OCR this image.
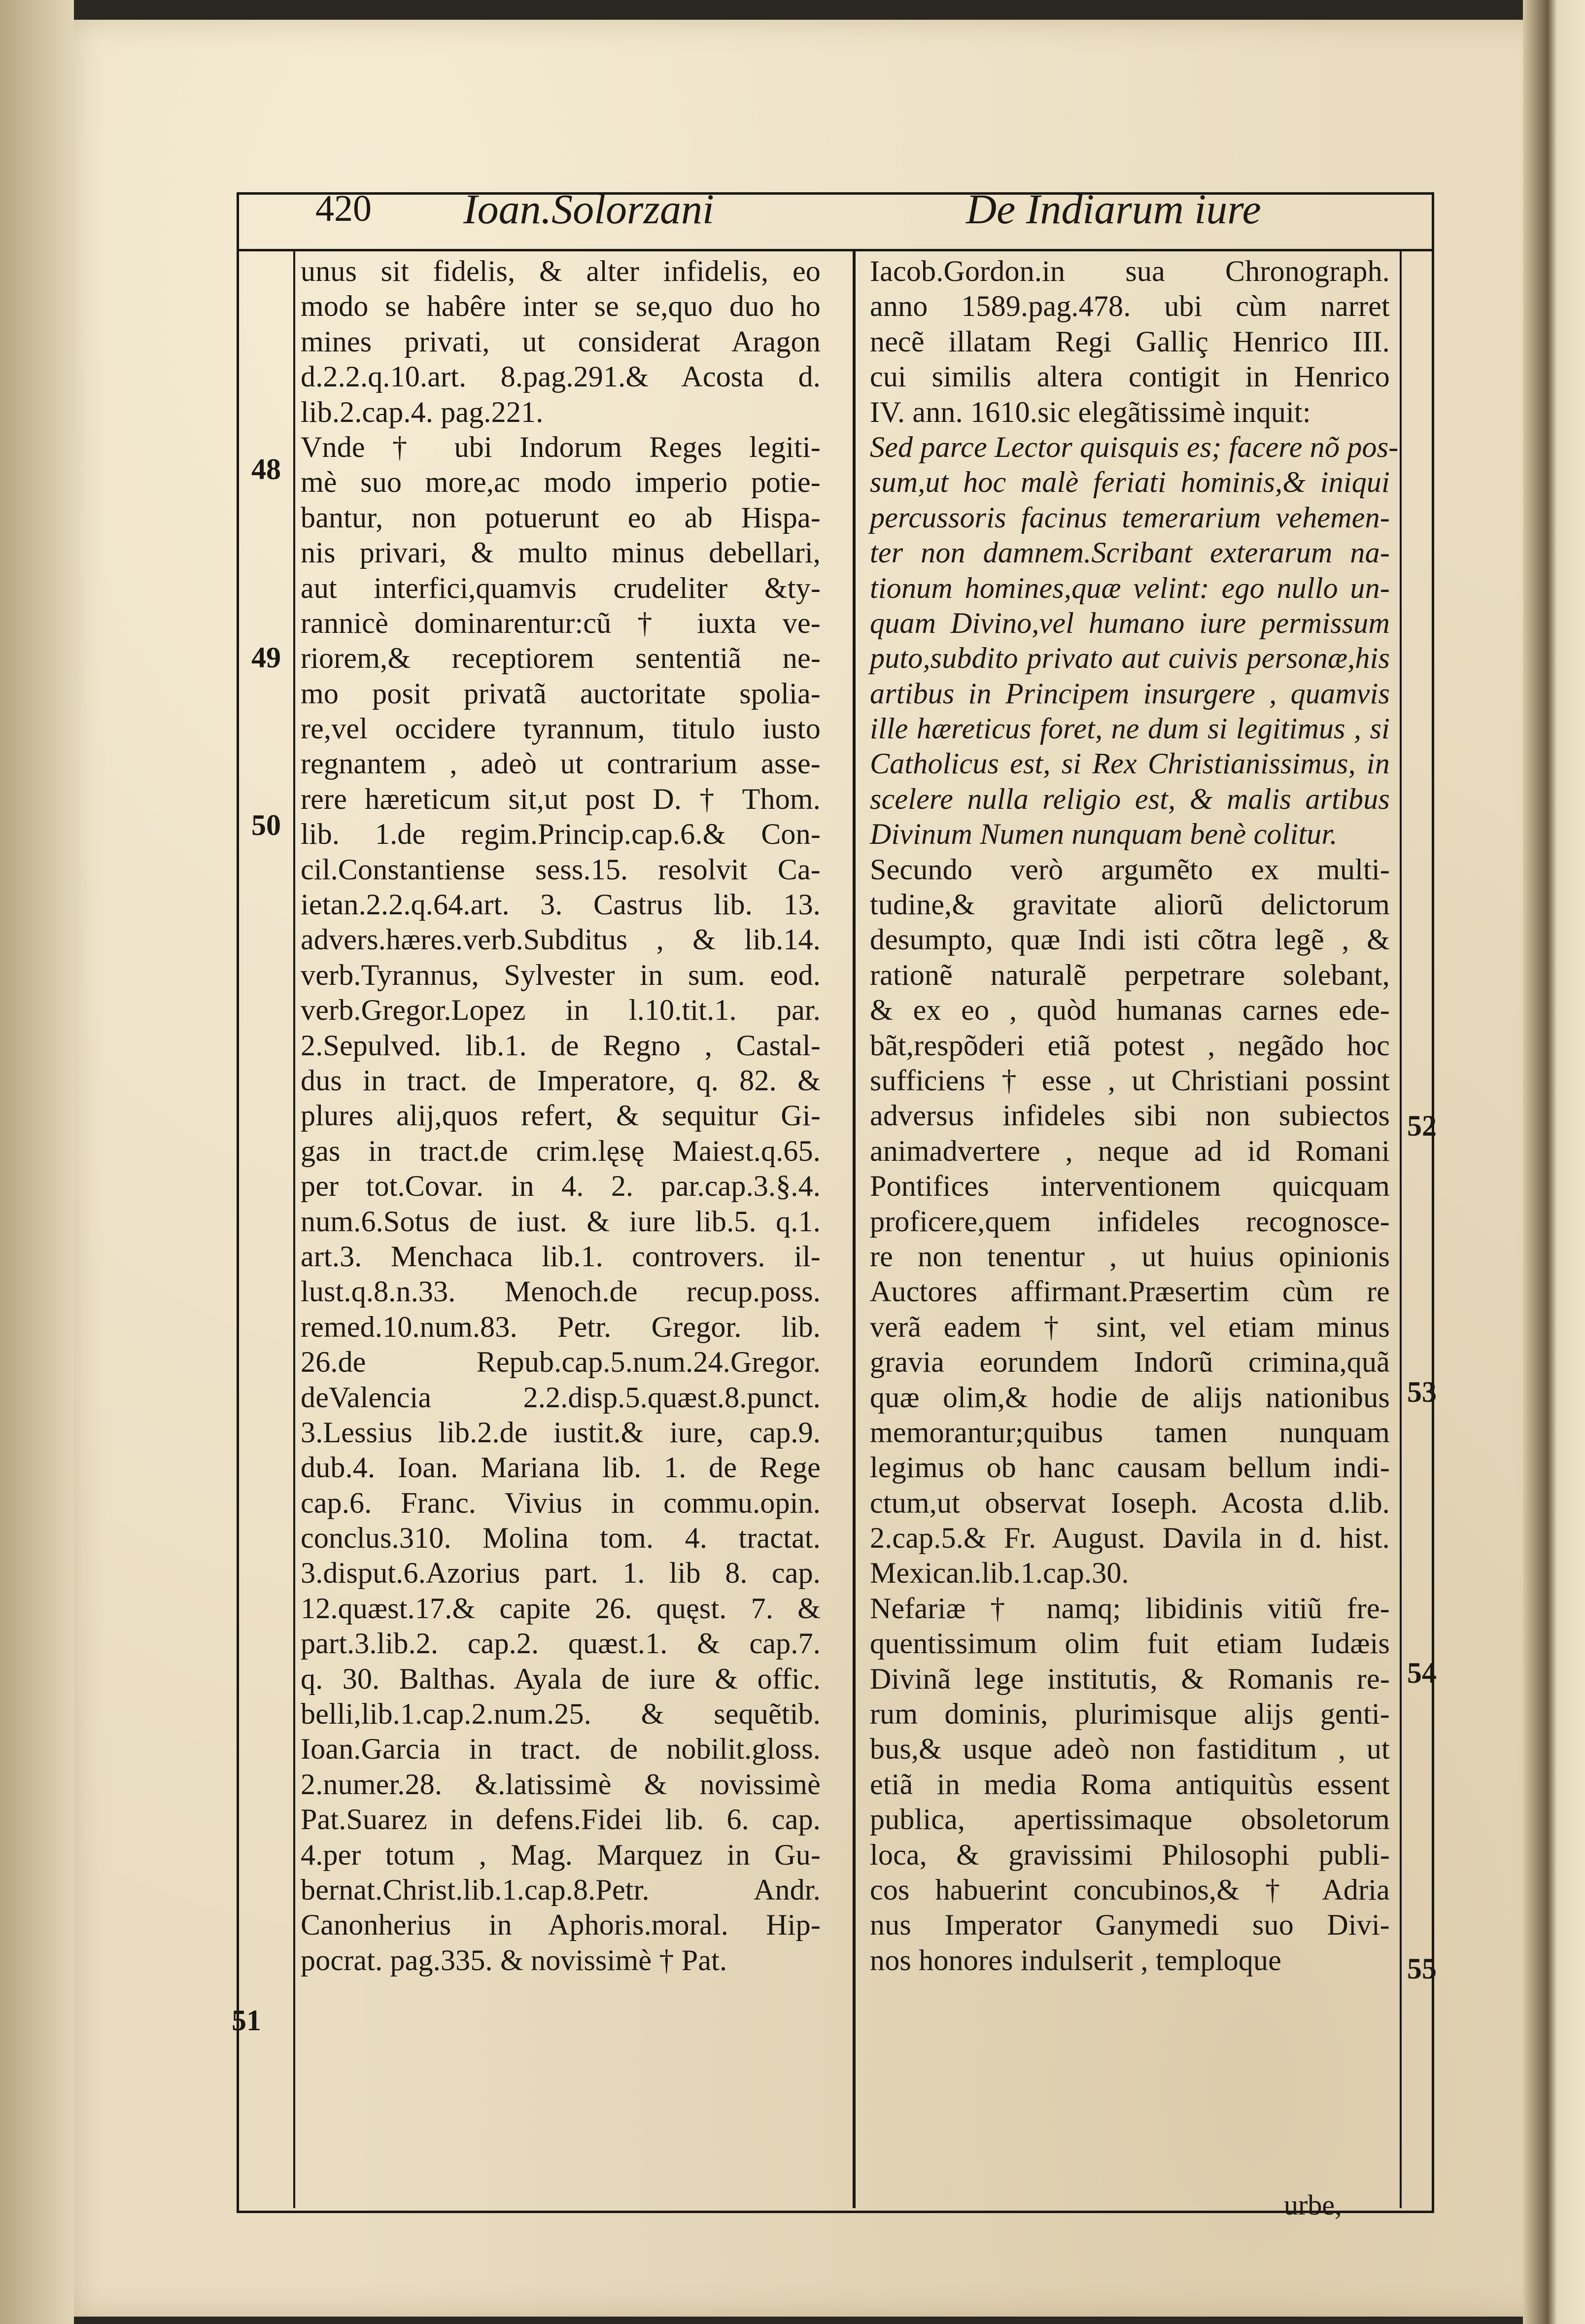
420 Ioan.Solorzani	De Indiarum iure
unus sit fidelis, & alter infidelis, eo
modo se habêre inter se se,quo duo ho
mines privati, ut considerat Aragon
d.2.2.q.10.art. 8.pag.291.& Acosta d.
lib.2.cap.4. pag.221.
Vnde † ubi Indorum Reges legiti-
mè suo more,ac modo imperio potie-
bantur, non potuerunt eo ab Hispa-
nis privari, & multo minus debellari,
aut interfici,quamvis crudeliter &ty-
rannicè dominarentur:cũ † iuxta ve-
riorem,& receptiorem sententiã ne-
mo posit privatã auctoritate spolia-
re,vel occidere tyrannum, titulo iusto
regnantem , adeò ut contrarium asse-
rere hæreticum sit,ut post D. † Thom.
lib. 1.de regim.Princip.cap.6.& Con-
cil.Constantiense sess.15. resolvit Ca-
ietan.2.2.q.64.art. 3. Castrus lib. 13.
advers.hæres.verb.Subditus , & lib.14.
verb.Tyrannus, Sylvester in sum. eod.
verb.Gregor.Lopez in l.10.tit.1. par.
2.Sepulved. lib.1. de Regno , Castal-
dus in tract. de Imperatore, q. 82. &
plures alij,quos refert, & sequitur Gi-
gas in tract.de crim.lęsę Maiest.q.65.
per tot.Covar. in 4. 2. par.cap.3.§.4.
num.6.Sotus de iust. & iure lib.5. q.1.
art.3. Menchaca lib.1. controvers. il-
lust.q.8.n.33. Menoch.de recup.poss.
remed.10.num.83. Petr. Gregor. lib.
26.de Repub.cap.5.num.24.Gregor.
deValencia 2.2.disp.5.quæst.8.punct.
3.Lessius lib.2.de iustit.& iure, cap.9.
dub.4. Ioan. Mariana lib. 1. de Rege
cap.6. Franc. Vivius in commu.opin.
conclus.310. Molina tom. 4. tractat.
3.disput.6.Azorius part. 1. lib 8. cap.
12.quæst.17.& capite 26. quęst. 7. &
part.3.lib.2. cap.2. quæst.1. & cap.7.
q. 30. Balthas. Ayala de iure & offic.
belli,lib.1.cap.2.num.25. & sequẽtib.
Ioan.Garcia in tract. de nobilit.gloss.
2.numer.28. &.latissimè & novissimè
Pat.Suarez in defens.Fidei lib. 6. cap.
4.per totum , Mag. Marquez in Gu-
bernat.Christ.lib.1.cap.8.Petr. Andr.
Canonherius in Aphoris.moral. Hip-
pocrat. pag.335. & novissimè † Pat.
Iacob.Gordon.in sua Chronograph.
anno 1589.pag.478. ubi cùm narret
necẽ illatam Regi Galliç Henrico III.
cui similis altera contigit in Henrico
IV. ann. 1610.sic elegãtissimè inquit:
Sed parce Lector quisquis es; facere nõ pos-
sum,ut hoc malè feriati hominis,& iniqui
percussoris facinus temerarium vehemen-
ter non damnem.Scribant exterarum na-
tionum homines,quæ velint: ego nullo un-
quam Divino,vel humano iure permissum
puto,subdito privato aut cuivis personæ,his
artibus in Principem insurgere , quamvis
ille hæreticus foret, ne dum si legitimus , si
Catholicus est, si Rex Christianissimus, in
scelere nulla religio est, & malis artibus
Divinum Numen nunquam benè colitur.
Secundo verò argumẽto ex multi-
tudine,& gravitate aliorũ delictorum
desumpto, quæ Indi isti cõtra legẽ , &
rationẽ naturalẽ perpetrare solebant,
& ex eo , quòd humanas carnes ede-
bãt,respõderi etiã potest , negãdo hoc
sufficiens † esse , ut Christiani possint
adversus infideles sibi non subiectos
animadvertere , neque ad id Romani
Pontifices interventionem quicquam
proficere,quem infideles recognosce-
re non tenentur , ut huius opinionis
Auctores affirmant.Præsertim cùm re
verã eadem † sint, vel etiam minus
gravia eorundem Indorũ crimina,quã
quæ olim,& hodie de alijs nationibus
memorantur;quibus tamen nunquam
legimus ob hanc causam bellum indi-
ctum,ut observat Ioseph. Acosta d.lib.
2.cap.5.& Fr. August. Davila in d. hist.
Mexican.lib.1.cap.30.
Nefariæ † namq; libidinis vitiũ fre-
quentissimum olim fuit etiam Iudæis
Divinã lege institutis, & Romanis re-
rum dominis, plurimisque alijs genti-
bus,& usque adeò non fastiditum , ut
etiã in media Roma antiquitùs essent
publica, apertissimaque obsoletorum
loca, & gravissimi Philosophi publi-
cos habuerint concubinos,& † Adria
nus Imperator Ganymedi suo Divi-
nos honores indulserit , temploque
48
49
50
51
52
53
54
55
urbe,
